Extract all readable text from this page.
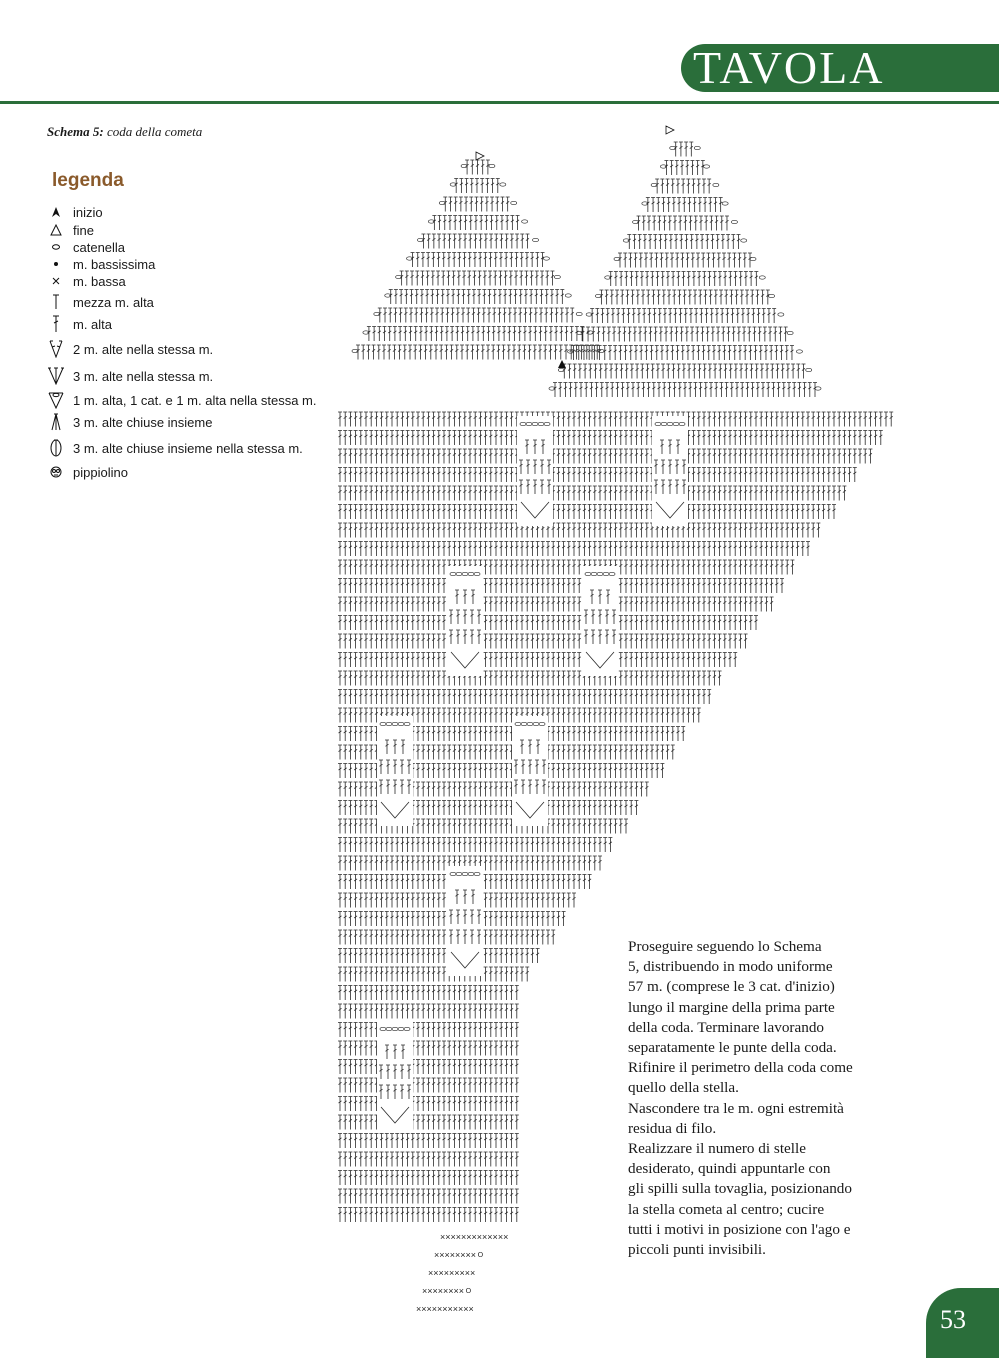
TAVOLA
Schema 5: coda della cometa
legenda
inizio
fine
catenella
m. bassissima
m. bassa
mezza m. alta
m. alta
2 m. alte nella stessa m.
3 m. alte nella stessa m.
1 m. alta, 1 cat. e 1 m. alta nella stessa m.
3 m. alte chiuse insieme
3 m. alte chiuse insieme nella stessa m.
pippiolino
×××××××××××××
××××××××ㅇ
×××××××××
××××××××ㅇ
×××××××××××
Proseguire seguendo lo Schema
5, distribuendo in modo uniforme
57 m. (comprese le 3 cat. d'inizio)
lungo il margine della prima parte
della coda. Terminare lavorando
separatamente le punte della coda.
Rifinire il perimetro della coda come
quello della stella.
Nascondere tra le m. ogni estremità
residua di filo.
Realizzare il numero di stelle
desiderato, quindi appuntarle con
gli spilli sulla tovaglia, posizionando
la stella cometa al centro; cucire
tutti i motivi in posizione con l'ago e
piccoli punti invisibili.
53
